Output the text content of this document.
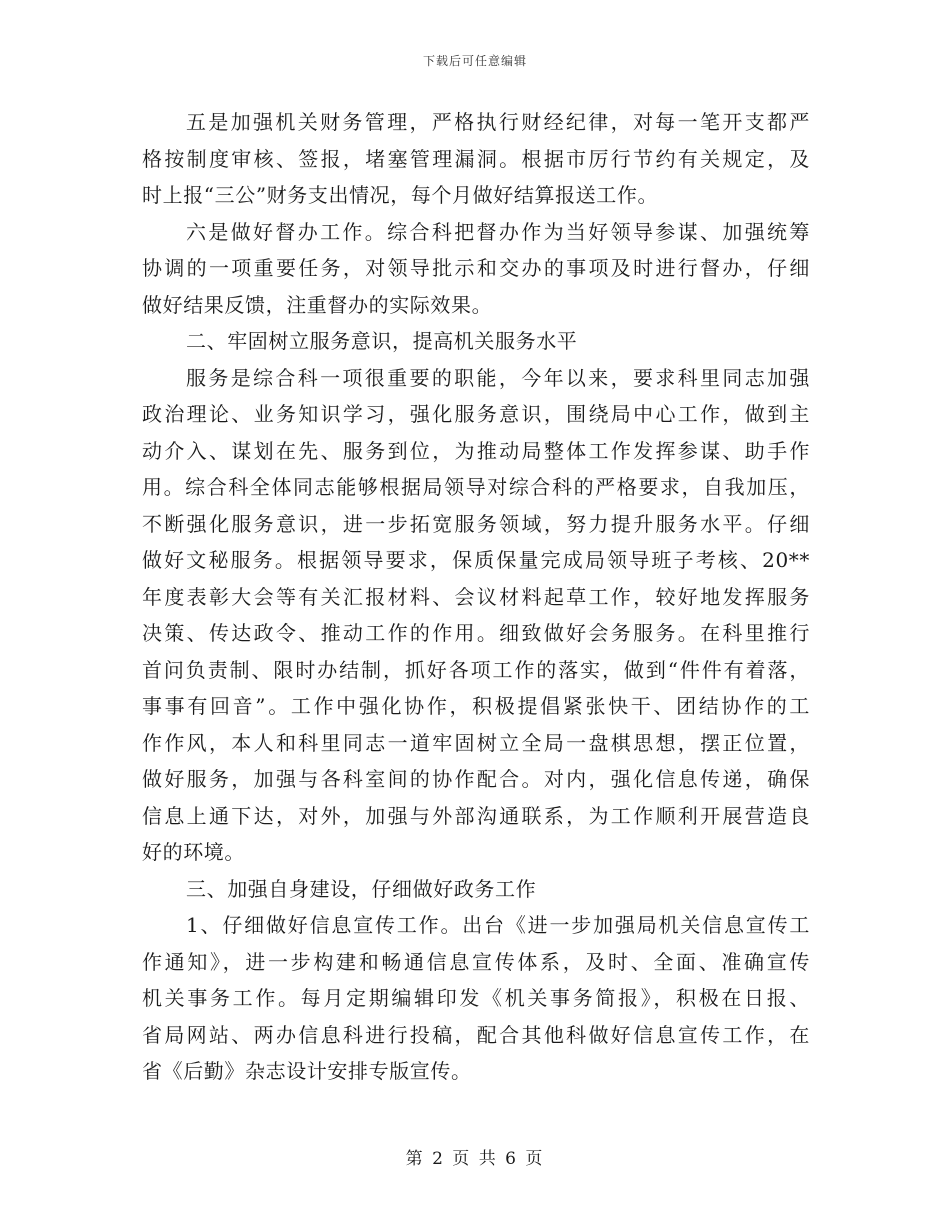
下载后可任意编辑
五是加强机关财务管理，严格执行财经纪律，对每一笔开支都严
格按制度审核、签报，堵塞管理漏洞。根据市厉行节约有关规定，及
时上报“三公”财务支出情况，每个月做好结算报送工作。
六是做好督办工作。综合科把督办作为当好领导参谋、加强统筹
协调的一项重要任务，对领导批示和交办的事项及时进行督办，仔细
做好结果反馈，注重督办的实际效果。
二、牢固树立服务意识，提高机关服务水平
服务是综合科一项很重要的职能，今年以来，要求科里同志加强
政治理论、业务知识学习，强化服务意识，围绕局中心工作，做到主
动介入、谋划在先、服务到位，为推动局整体工作发挥参谋、助手作
用。综合科全体同志能够根据局领导对综合科的严格要求，自我加压，
不断强化服务意识，进一步拓宽服务领域，努力提升服务水平。仔细
做好文秘服务。根据领导要求，保质保量完成局领导班子考核、20**
年度表彰大会等有关汇报材料、会议材料起草工作，较好地发挥服务
决策、传达政令、推动工作的作用。细致做好会务服务。在科里推行
首问负责制、限时办结制，抓好各项工作的落实，做到“件件有着落，
事事有回音”。工作中强化协作，积极提倡紧张快干、团结协作的工
作作风，本人和科里同志一道牢固树立全局一盘棋思想，摆正位置，
做好服务，加强与各科室间的协作配合。对内，强化信息传递，确保
信息上通下达，对外，加强与外部沟通联系，为工作顺利开展营造良
好的环境。
三、加强自身建设，仔细做好政务工作
1、仔细做好信息宣传工作。出台《进一步加强局机关信息宣传工
作通知》，进一步构建和畅通信息宣传体系，及时、全面、准确宣传
机关事务工作。每月定期编辑印发《机关事务简报》，积极在日报、
省局网站、两办信息科进行投稿，配合其他科做好信息宣传工作，在
省《后勤》杂志设计安排专版宣传。
第 2 页 共 6 页
